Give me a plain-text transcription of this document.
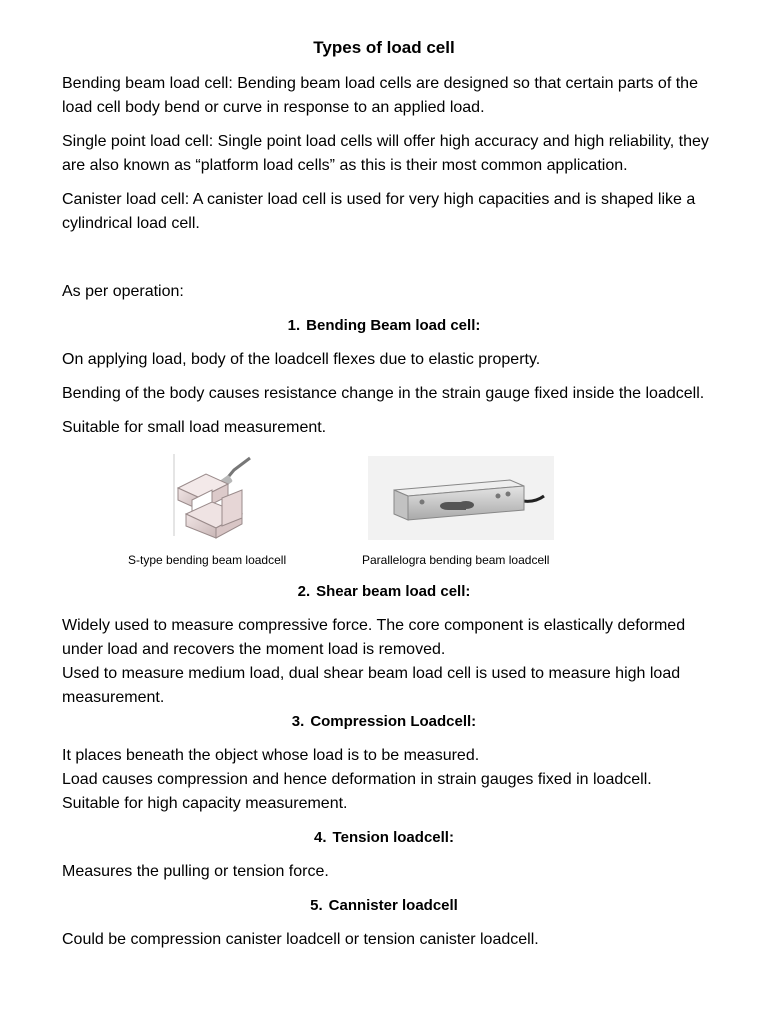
Types of load cell
Bending beam load cell: Bending beam load cells are designed so that certain parts of the
load cell body bend or curve in response to an applied load.
Single point load cell: Single point load cells will offer high accuracy and high reliability, they
are also known as “platform load cells” as this is their most common application.
Canister load cell: A canister load cell is used for very high capacities and is shaped like a
cylindrical load cell.
As per operation:
1. Bending Beam load cell:
On applying load, body of the loadcell flexes due to elastic property.
Bending of the body causes resistance change in the strain gauge fixed inside the loadcell.
Suitable for small load measurement.
S-type bending beam loadcell	Parallelogra bending beam loadcell
2. Shear beam load cell:
Widely used to measure compressive force. The core component is elastically deformed
under load and recovers the moment load is removed.
Used to measure medium load, dual shear beam load cell is used to measure high load
measurement.
3. Compression Loadcell:
It places beneath the object whose load is to be measured.
Load causes compression and hence deformation in strain gauges fixed in loadcell.
Suitable for high capacity measurement.
4. Tension loadcell:
Measures the pulling or tension force.
5. Cannister loadcell
Could be compression canister loadcell or tension canister loadcell.
